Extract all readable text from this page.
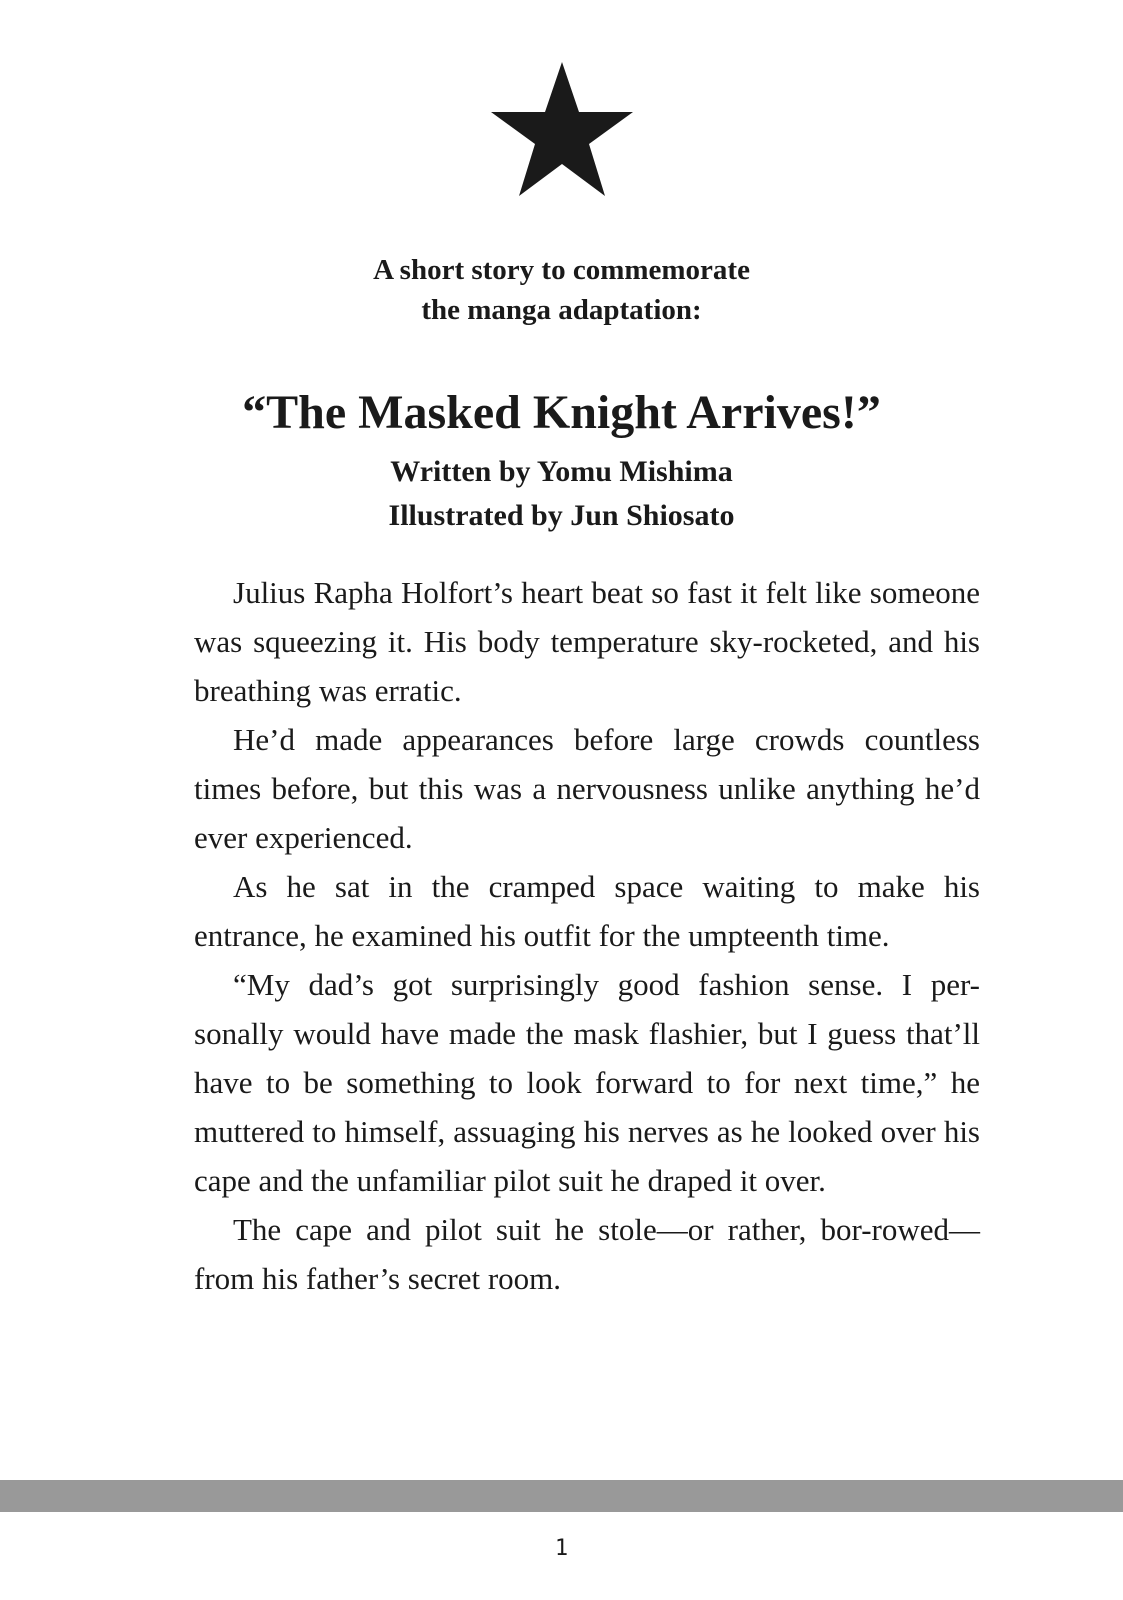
A short story to commemorate

the manga adaptation:

“The Masked Knight Arrives!”

Written by Yomu Mishima

Illustrated by Jun Shiosato

Julius Rapha Holfort’s heart beat so fast it felt like someone was squeezing it. His body temperature sky-rocketed, and his breathing was erratic.

He’d made appearances before large crowds countless times before, but this was a nervousness unlike anything he’d ever experienced.

As he sat in the cramped space waiting to make his entrance, he examined his outfit for the umpteenth time.

“My dad’s got surprisingly good fashion sense. I per-sonally would have made the mask flashier, but I guess that’ll have to be something to look forward to for next time,” he muttered to himself, assuaging his nerves as he looked over his cape and the unfamiliar pilot suit he draped it over.

The cape and pilot suit he stole—or rather, bor-rowed—from his father’s secret room.

1
